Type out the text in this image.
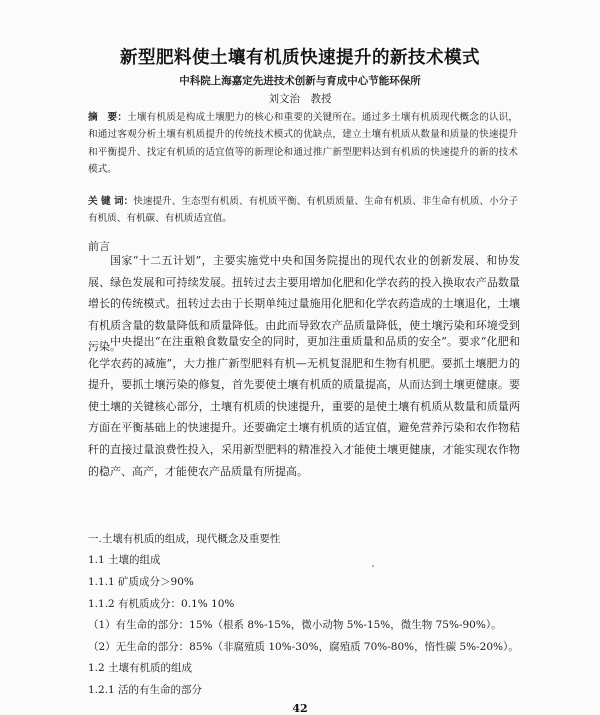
新型肥料使土壤有机质快速提升的新技术模式
中科院上海嘉定先进技术创新与育成中心节能环保所
刘文治　教授
摘　要：土壤有机质是构成土壤肥力的核心和重要的关键所在。通过多土壤有机质现代概念的认识，和通过客观分析土壤有机质提升的传统技术模式的优缺点，建立土壤有机质从数量和质量的快速提升和平衡提升、找定有机质的适宜值等的新理论和通过推广新型肥料达到有机质的快速提升的新的技术模式。
关 键 词：快速提升、生态型有机质、有机质平衡、有机质质量、生命有机质、非生命有机质、小分子有机质、有机碳、有机质适宜值。
前言
国家“十二五计划”，主要实施党中央和国务院提出的现代农业的创新发展、和协发展、绿色发展和可持续发展。扭转过去主要用增加化肥和化学农药的投入换取农产品数量增长的传统模式。扭转过去由于长期单纯过量施用化肥和化学农药造成的土壤退化，土壤有机质含量的数量降低和质量降低。由此而导致农产品质量降低，使土壤污染和环境受到污染。
中央提出“在注重粮食数量安全的同时，更加注重质量和品质的安全”。要求“化肥和化学农药的减施”，大力推广新型肥料有机—无机复混肥和生物有机肥。要抓土壤肥力的提升，要抓土壤污染的修复，首先要使土壤有机质的质量提高，从而达到土壤更健康。要使土壤的关键核心部分，土壤有机质的快速提升，重要的是使土壤有机质从数量和质量两方面在平衡基础上的快速提升。还要确定土壤有机质的适宜值，避免营养污染和农作物秸秆的直接过量浪费性投入，采用新型肥料的精准投入才能使土壤更健康，才能实现农作物的稳产、高产，才能使农产品质量有所提高。
一.土壤有机质的组成，现代概念及重要性
1.1 土壤的组成
1.1.1 矿质成分＞90%
1.1.2 有机质成分：0.1% 10%
（1）有生命的部分：15%（根系 8%-15%，微小动物 5%-15%，微生物 75%-90%）。
（2）无生命的部分：85%（非腐殖质 10%-30%，腐殖质 70%-80%，惰性碳 5%-20%）。
1.2 土壤有机质的组成
1.2.1 活的有生命的部分
42
